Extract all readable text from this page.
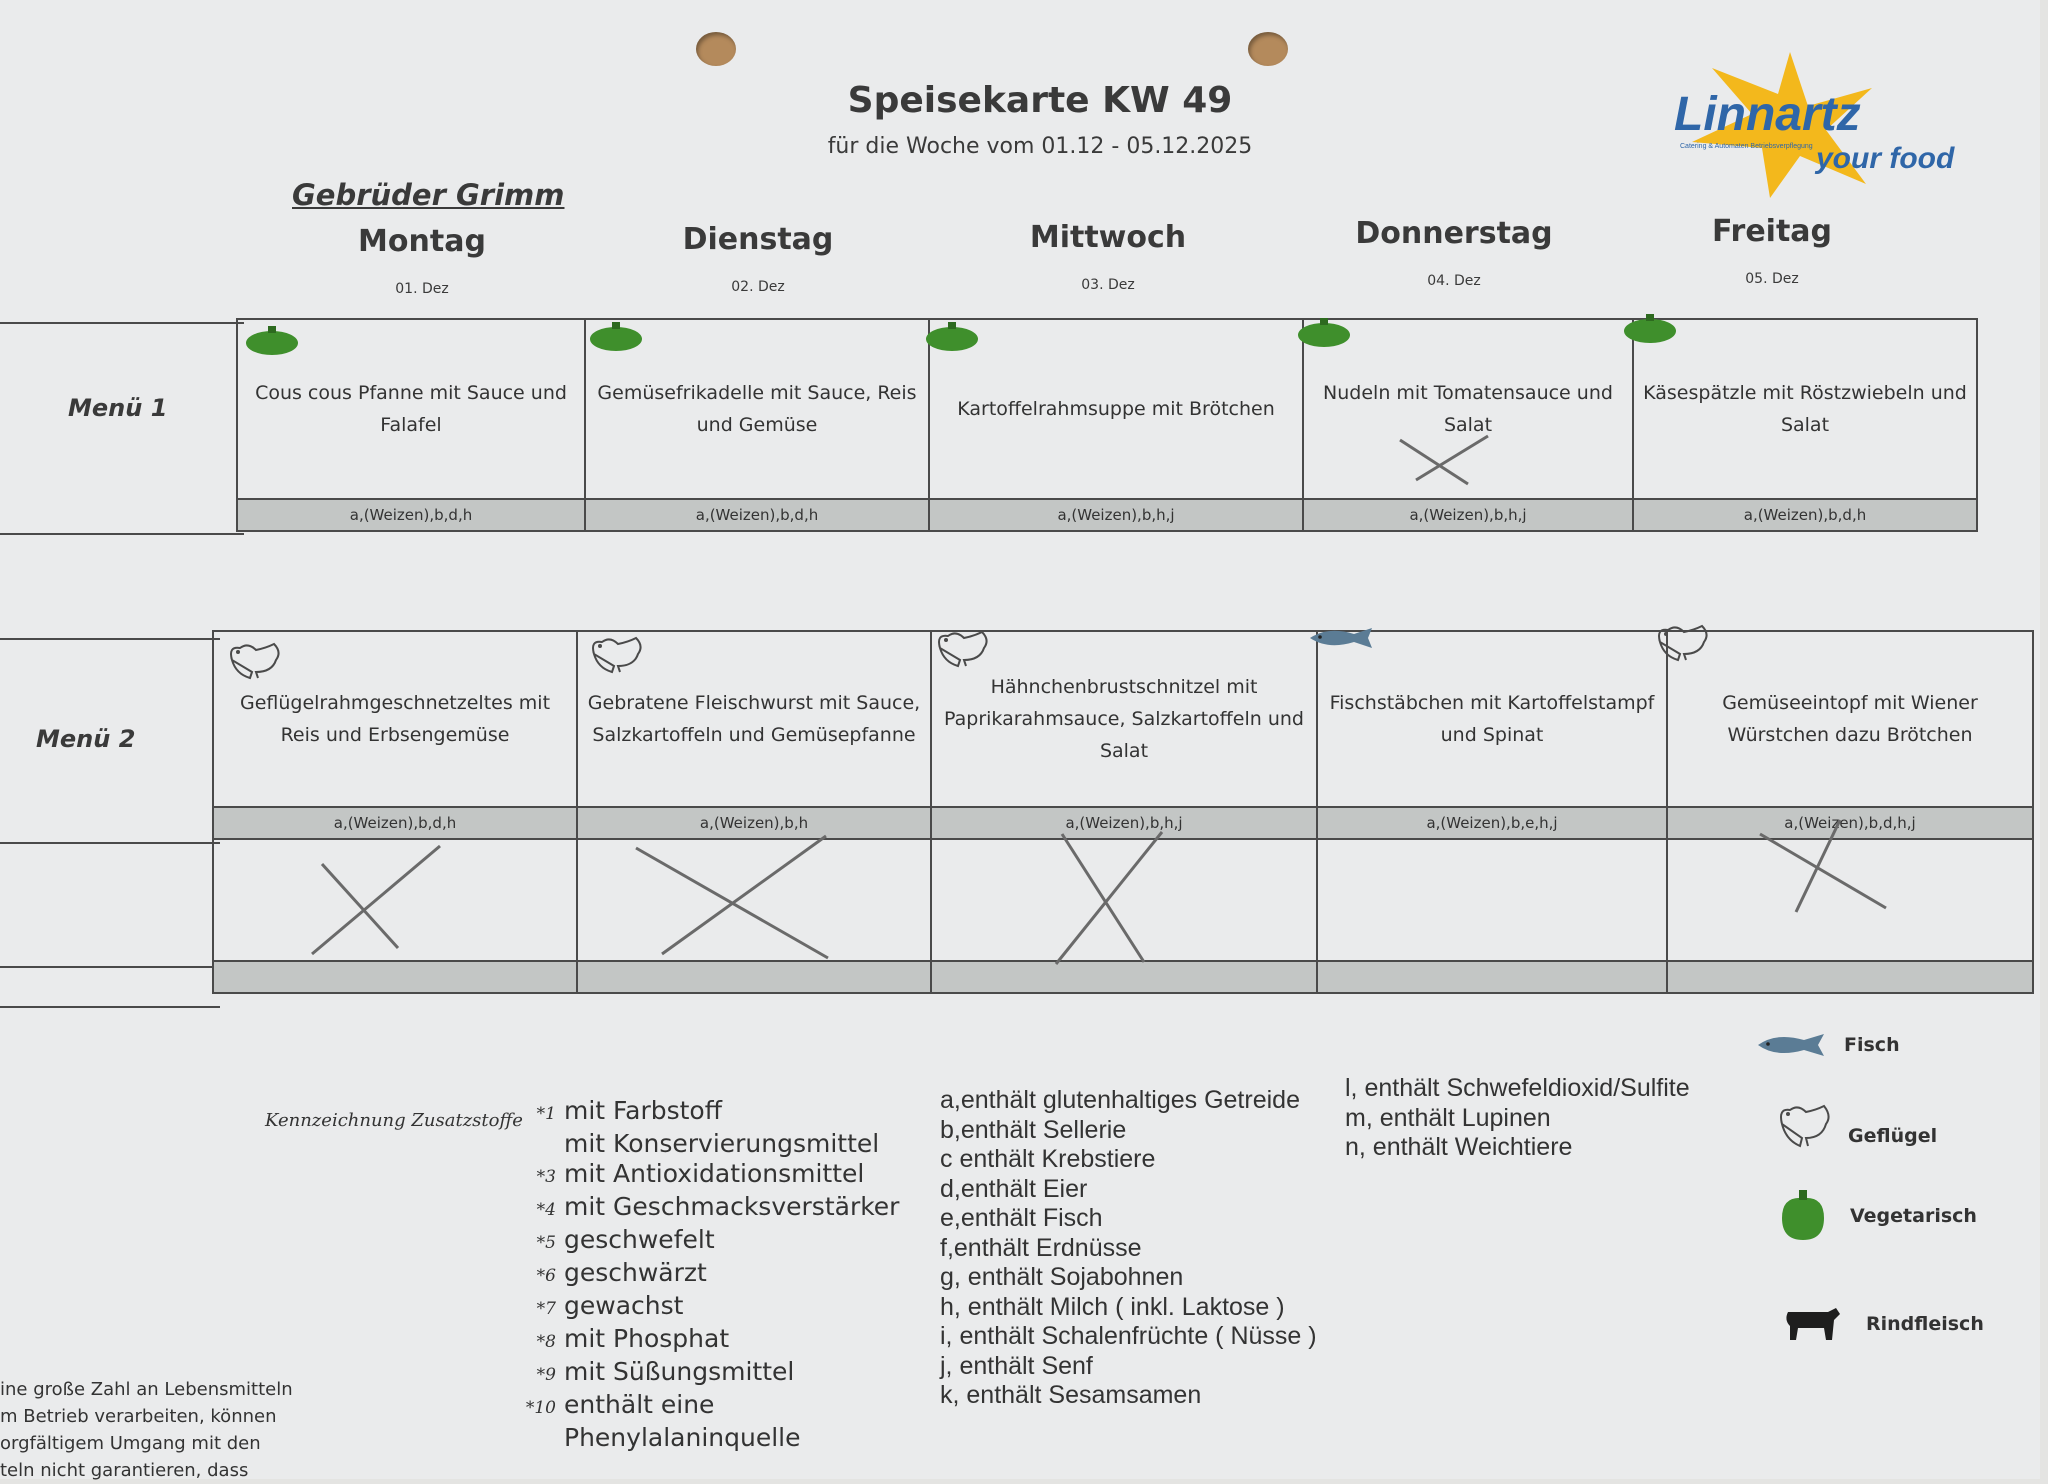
Speisekarte KW 49
für die Woche vom 01.12 - 05.12.2025
Gebrüder Grimm
Linnartz
Catering & Automaten Betriebsverpflegung your food
Montag
01. Dez
Dienstag
02. Dez
Mittwoch
03. Dez
Donnerstag
04. Dez
Freitag
05. Dez
Menü 1
Cous cous Pfanne mit Sauce und Falafel	Gemüsefrikadelle mit Sauce, Reis und Gemüse	Kartoffelrahmsuppe mit Brötchen	Nudeln mit Tomatensauce und Salat	Käsespätzle mit Röstzwiebeln und Salat
a,(Weizen),b,d,h	a,(Weizen),b,d,h	a,(Weizen),b,h,j	a,(Weizen),b,h,j	a,(Weizen),b,d,h
Menü 2
Geflügelrahmgeschnetzeltes mit Reis und Erbsengemüse	Gebratene Fleischwurst mit Sauce, Salzkartoffeln und Gemüsepfanne	Hähnchenbrustschnitzel mit Paprikarahmsauce, Salzkartoffeln und Salat	Fischstäbchen mit Kartoffelstampf und Spinat	Gemüseeintopf mit Wiener Würstchen dazu Brötchen
a,(Weizen),b,d,h	a,(Weizen),b,h	a,(Weizen),b,h,j	a,(Weizen),b,e,h,j	a,(Weizen),b,d,h,j

Kennzeichnung Zusatzstoffe *1 mit Farbstoff
mit Konservierungsmittel
*3 mit Antioxidationsmittel
*4 mit Geschmacksverstärker
*5 geschwefelt
*6 geschwärzt
*7 gewachst
*8 mit Phosphat
*9 mit Süßungsmittel
*10 enthält eine
Phenylalaninquelle
a,enthält glutenhaltiges Getreide
b,enthält Sellerie
c enthält Krebstiere
d,enthält Eier
e,enthält Fisch
f,enthält Erdnüsse
g, enthält Sojabohnen
h, enthält Milch ( inkl. Laktose )
i, enthält Schalenfrüchte ( Nüsse )
j, enthält Senf
k, enthält Sesamsamen
l, enthält Schwefeldioxid/Sulfite
m, enthält Lupinen
n, enthält Weichtiere
Fisch
Geflügel
Vegetarisch
Rindfleisch
ine große Zahl an Lebensmitteln
m Betrieb verarbeiten, können
orgfältigem Umgang mit den
teln nicht garantieren, dass
